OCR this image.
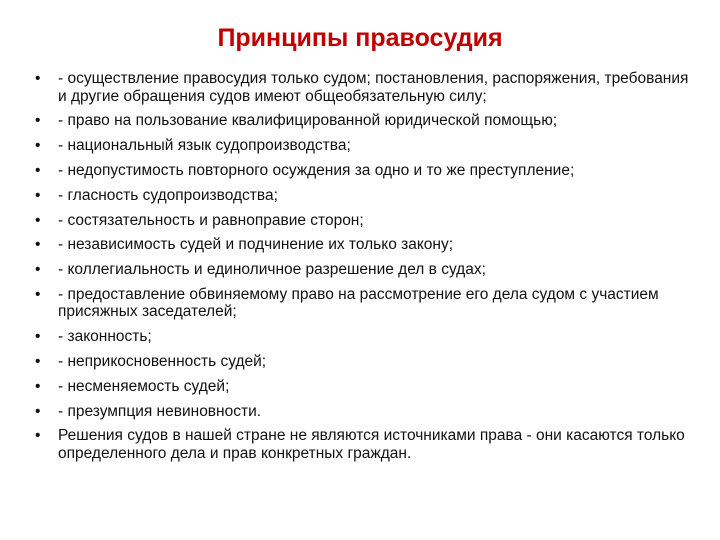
Принципы правосудия
• - осуществление правосудия только судом; постановления, распоряжения, требования и другие обращения судов имеют общеобязательную силу;
• - право на пользование квалифицированной юридической помощью;
• - национальный язык судопроизводства;
• - недопустимость повторного осуждения за одно и то же преступление;
• - гласность судопроизводства;
• - состязательность и равноправие сторон;
• - независимость судей и подчинение их только закону;
• - коллегиальность и единоличное разрешение дел в судах;
• - предоставление обвиняемому право на рассмотрение его дела судом с участием присяжных заседателей;
• - законность;
• - неприкосновенность судей;
• - несменяемость судей;
• - презумпция невиновности.
• Решения судов в нашей стране не являются источниками права - они касаются только определенного дела и прав конкретных граждан.
